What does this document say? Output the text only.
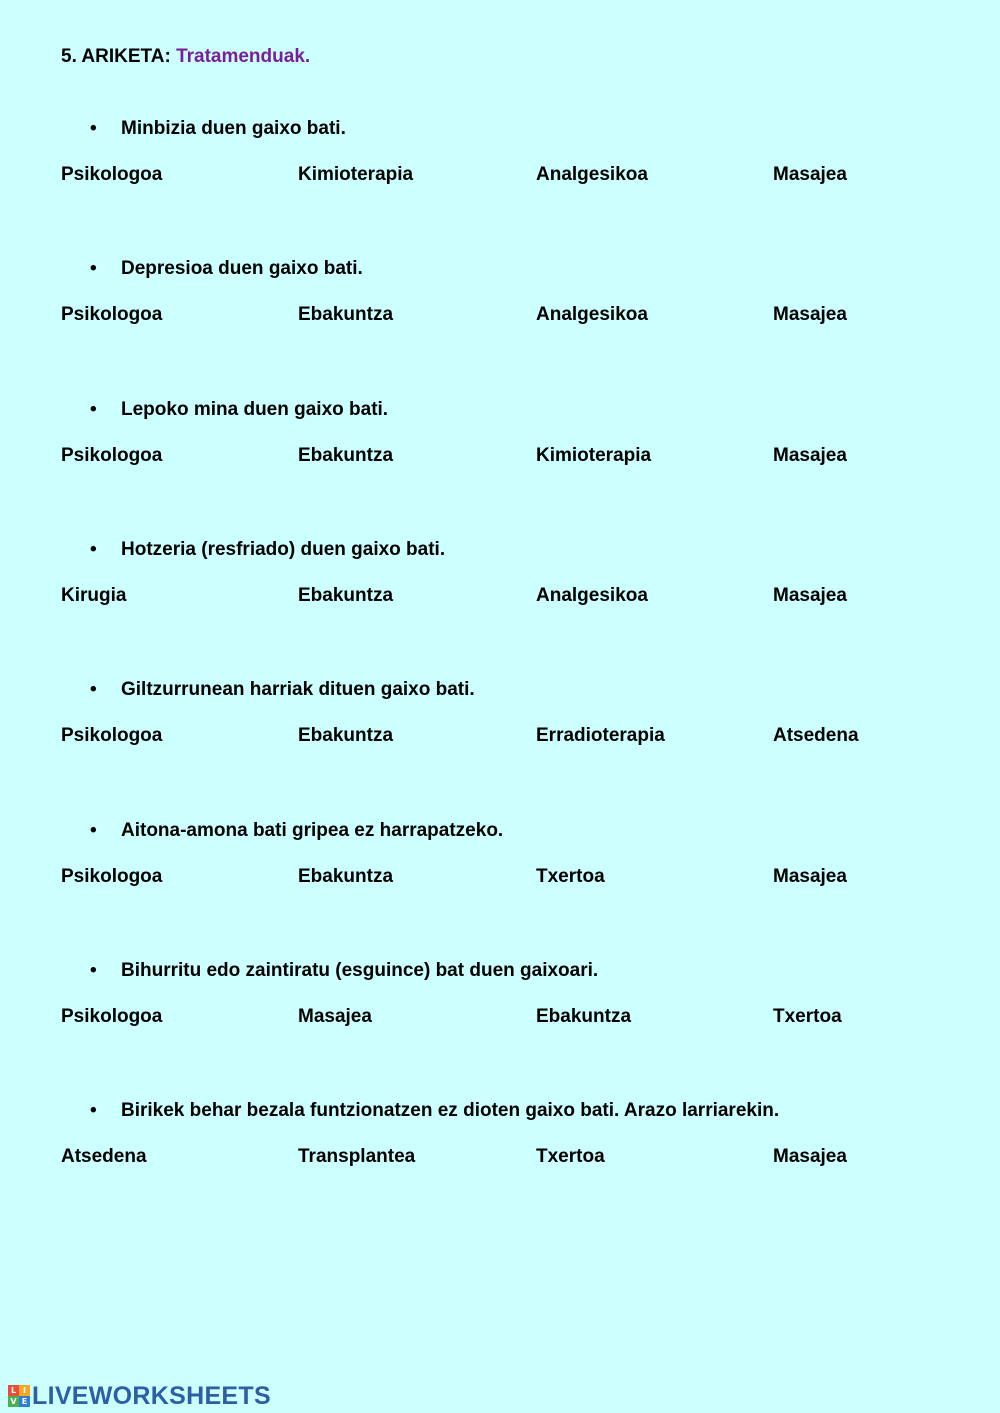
5. ARIKETA: Tratamenduak.
• Minbizia duen gaixo bati.
Psikologoa	Kimioterapia	Analgesikoa	Masajea
• Depresioa duen gaixo bati.
Psikologoa	Ebakuntza	Analgesikoa	Masajea
• Lepoko mina duen gaixo bati.
Psikologoa	Ebakuntza	Kimioterapia	Masajea
• Hotzeria (resfriado) duen gaixo bati.
Kirugia	Ebakuntza	Analgesikoa	Masajea
• Giltzurrunean harriak dituen gaixo bati.
Psikologoa	Ebakuntza	Erradioterapia	Atsedena
• Aitona-amona bati gripea ez harrapatzeko.
Psikologoa	Ebakuntza	Txertoa	Masajea
• Bihurritu edo zaintiratu (esguince) bat duen gaixoari.
Psikologoa	Masajea	Ebakuntza	Txertoa
• Birikek behar bezala funtzionatzen ez dioten gaixo bati. Arazo larriarekin.
Atsedena	Transplantea	Txertoa	Masajea
L I
V E LIVEWORKSHEETS
